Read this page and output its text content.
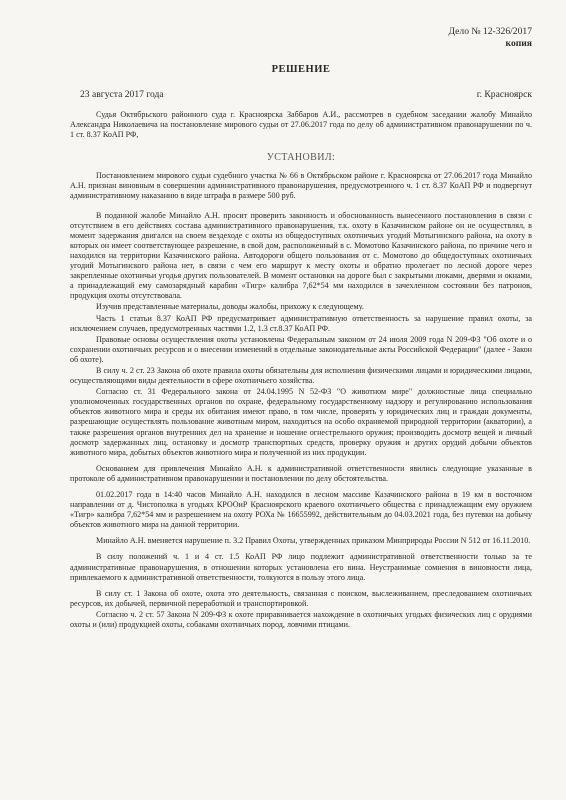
Дело № 12-326/2017
копия
РЕШЕНИЕ
23 августа 2017 года	г. Красноярск

Судья Октябрьского районного суда г. Красноярска Заббаров А.И., рассмотрев в судебном заседании жалобу Минайло Александра Николаевича на постановление мирового судьи от 27.06.2017 года по делу об административном правонарушении по ч. 1 ст. 8.37 КоАП РФ,

УСТАНОВИЛ:

Постановлением мирового судьи судебного участка № 66 в Октябрьском районе г. Красноярска от 27.06.2017 года Минайло А.Н. признан виновным в совершении административного правонарушения, предусмотренного ч. 1 ст. 8.37 КоАП РФ и подвергнут административному наказанию в виде штрафа в размере 500 руб.

В поданной жалобе Минайло А.Н. просит проверить законность и обоснованность вынесенного постановления в связи с отсутствием в его действиях состава административного правонарушения, т.к. охоту в Казачинском районе он не осуществлял, в момент задержания двигался на своем вездеходе с охоты из общедоступных охотничьих угодий Мотыгинского района, на охоту в которых он имеет соответствующее разрешение, в свой дом, расположенный в с. Момотово Казачинского района, по причине чего и находился на территории Казачинского района. Автодороги общего пользования от с. Момотово до общедоступных охотничьих угодий Мотыгинского района нет, в связи с чем его маршрут к месту охоты и обратно пролегает по лесной дороге через закрепленные охотничьи угодья других пользователей. В момент остановки на дороге был с закрытыми люками, дверями и окнами, а принадлежащий ему самозарядный карабин «Тигр» калибра 7,62*54 мм находился в зачехленном состоянии без патронов, продукция охоты отсутствовала.

Изучив представленные материалы, доводы жалобы, прихожу к следующему.

Часть 1 статьи 8.37 КоАП РФ предусматривает административную ответственность за нарушение правил охоты, за исключением случаев, предусмотренных частями 1.2, 1.3 ст.8.37 КоАП РФ.

Правовые основы осуществления охоты установлены Федеральным законом от 24 июля 2009 года N 209-ФЗ "Об охоте и о сохранении охотничьих ресурсов и о внесении изменений в отдельные законодательные акты Российской Федерации" (далее - Закон об охоте).

В силу ч. 2 ст. 23 Закона об охоте правила охоты обязательны для исполнения физическими лицами и юридическими лицами, осуществляющими виды деятельности в сфере охотничьего хозяйства.

Согласно ст. 31 Федерального закона от 24.04.1995 N 52-ФЗ "О животном мире" должностные лица специально уполномоченных государственных органов по охране, федеральному государственному надзору и регулированию использования объектов животного мира и среды их обитания имеют право, в том числе, проверять у юридических лиц и граждан документы, разрешающие осуществлять пользование животным миром, находиться на особо охраняемой природной территории (акватории), а также разрешения органов внутренних дел на хранение и ношение огнестрельного оружия; производить досмотр вещей и личный досмотр задержанных лиц, остановку и досмотр транспортных средств, проверку оружия и других орудий добычи объектов животного мира, добытых объектов животного мира и полученной из них продукции.

Основанием для привлечения Минайло А.Н. к административной ответственности явились следующие указанные в протоколе об административном правонарушении и постановлении по делу обстоятельства.

01.02.2017 года в 14:40 часов Минайло А.Н. находился в лесном массиве Казачинского района в 19 км в восточном направлении от д. Чистополка в угодьях КРООиР Красноярского краевого охотничьего общества с принадлежащим ему оружием «Тигр» калибра 7,62*54 мм и разрешением на охоту РОХа № 16655992, действительным до 04.03.2021 года, без путевки на добычу объектов животного мира на данной территории.

Минайло А.Н. вменяется нарушение п. 3.2 Правил Охоты, утвержденных приказом Минприроды России N 512 от 16.11.2010.

В силу положений ч. 1 и 4 ст. 1.5 КоАП РФ лицо подлежит административной ответственности только за те административные правонарушения, в отношении которых установлена его вина. Неустранимые сомнения в виновности лица, привлекаемого к административной ответственности, толкуются в пользу этого лица.

В силу ст. 1 Закона об охоте, охота это деятельность, связанная с поиском, выслеживанием, преследованием охотничьих ресурсов, их добычей, первичной переработкой и транспортировкой.

Согласно ч. 2 ст. 57 Закона N 209-ФЗ к охоте приравнивается нахождение в охотничьих угодьях физических лиц с орудиями охоты и (или) продукцией охоты, собаками охотничьих пород, ловчими птицами.
